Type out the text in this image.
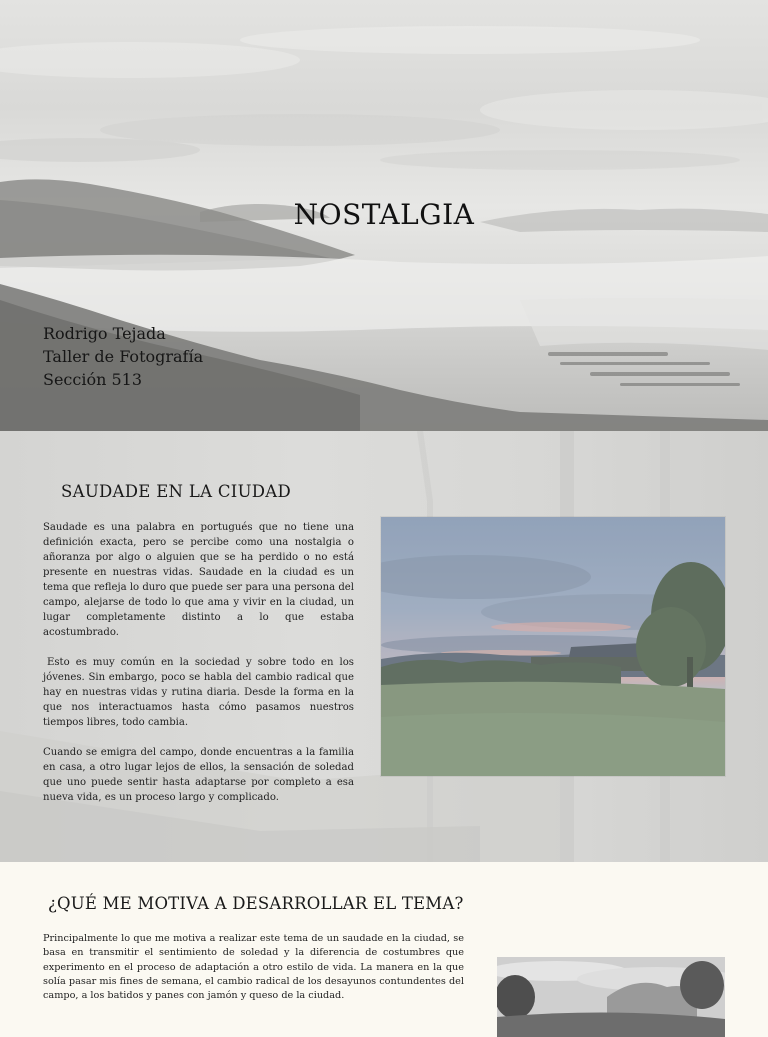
NOSTALGIA
Rodrigo Tejada
Taller de Fotografía
Sección 513
SAUDADE EN LA CIUDAD

Saudade es una palabra en portugués que no tiene una definición exacta, pero se percibe como una nostalgia o añoranza por algo o alguien que se ha perdido o no está presente en nuestras vidas. Saudade en la ciudad es un tema que refleja lo duro que puede ser para una persona del campo, alejarse de todo lo que ama y vivir en la ciudad, un lugar completamente distinto a lo que estaba acostumbrado.

Esto es muy común en la sociedad y sobre todo en los jóvenes. Sin embargo, poco se habla del cambio radical que hay en nuestras vidas y rutina diaria. Desde la forma en la que nos interactuamos hasta cómo pasamos nuestros tiempos libres, todo cambia.

Cuando se emigra del campo, donde encuentras a la familia en casa, a otro lugar lejos de ellos, la sensación de soledad que uno puede sentir hasta adaptarse por completo a esa nueva vida, es un proceso largo y complicado.

¿QUÉ ME MOTIVA A DESARROLLAR EL TEMA?

Principalmente lo que me motiva a realizar este tema de un saudade en la ciudad, se basa en transmitir el sentimiento de soledad y la diferencia de costumbres que experimento en el proceso de adaptación a otro estilo de vida. La manera en la que solía pasar mis fines de semana, el cambio radical de los desayunos contundentes del campo, a los batidos y panes con jamón y queso de la ciudad.
